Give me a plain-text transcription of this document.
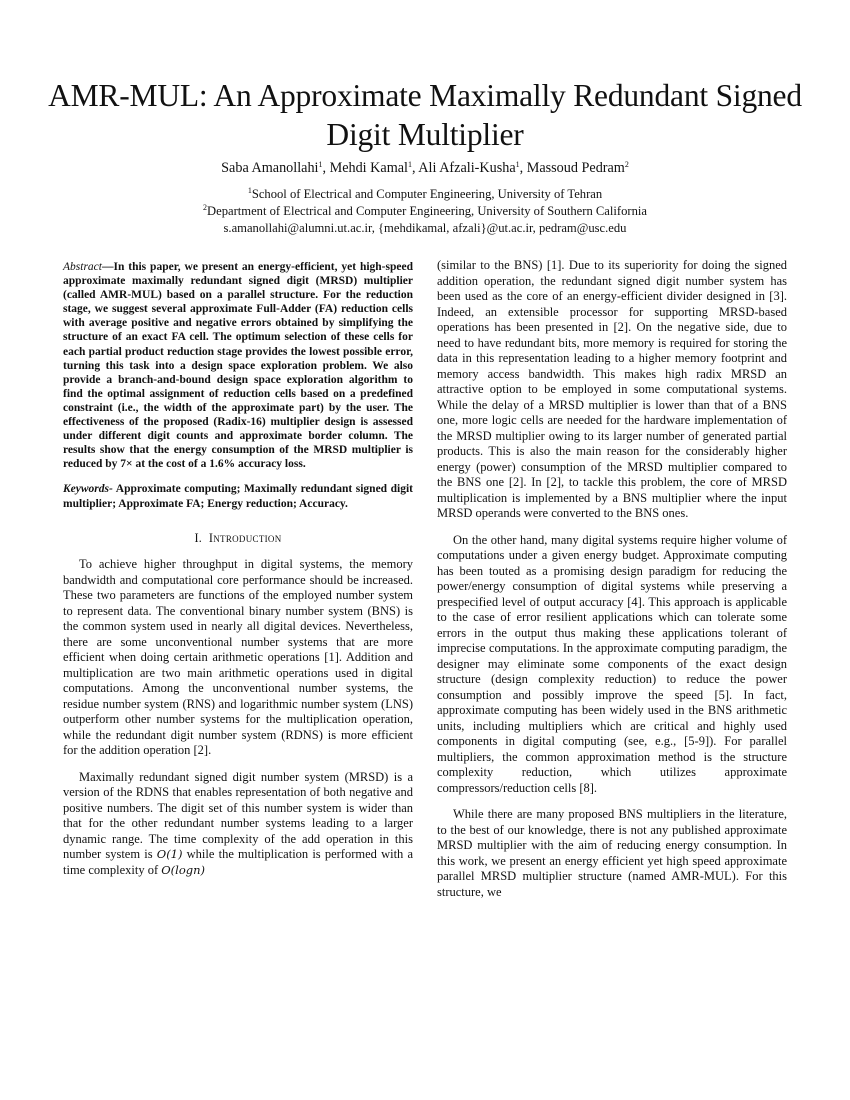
AMR-MUL: An Approximate Maximally Redundant Signed Digit Multiplier
Saba Amanollahi$^1$, Mehdi Kamal$^1$, Ali Afzali-Kusha$^1$, Massoud Pedram$^2$
$^1$School of Electrical and Computer Engineering, University of Tehran
$^2$Department of Electrical and Computer Engineering, University of Southern California
s.amanollahi@alumni.ut.ac.ir, {mehdikamal, afzali}@ut.ac.ir, pedram@usc.edu

Abstract—In this paper, we present an energy-efficient, yet high-speed approximate maximally redundant signed digit (MRSD) multiplier (called AMR-MUL) based on a parallel structure. For the reduction stage, we suggest several approximate Full-Adder (FA) reduction cells with average positive and negative errors obtained by simplifying the structure of an exact FA cell. The optimum selection of these cells for each partial product reduction stage provides the lowest possible error, turning this task into a design space exploration problem. We also provide a branch-and-bound design space exploration algorithm to find the optimal assignment of reduction cells based on a predefined constraint (i.e., the width of the approximate part) by the user. The effectiveness of the proposed (Radix-16) multiplier design is assessed under different digit counts and approximate border column. The results show that the energy consumption of the MRSD multiplier is reduced by 7× at the cost of a 1.6% accuracy loss.

Keywords- Approximate computing; Maximally redundant signed digit multiplier; Approximate FA; Energy reduction; Accuracy.

I. Introduction

To achieve higher throughput in digital systems, the memory bandwidth and computational core performance should be increased. These two parameters are functions of the employed number system to represent data. The conventional binary number system (BNS) is the common system used in nearly all digital devices. Nevertheless, there are some unconventional number systems that are more efficient when doing certain arithmetic operations [1]. Addition and multiplication are two main arithmetic operations used in digital computations. Among the unconventional number systems, the residue number system (RNS) and logarithmic number system (LNS) outperform other number systems for the multiplication operation, while the redundant digit number system (RDNS) is more efficient for the addition operation [2].

Maximally redundant signed digit number system (MRSD) is a version of the RDNS that enables representation of both negative and positive numbers. The digit set of this number system is wider than that for the other redundant number systems leading to a larger dynamic range. The time complexity of the add operation in this number system is O(1) while the multiplication is performed with a time complexity of O(logn)

(similar to the BNS) [1]. Due to its superiority for doing the signed addition operation, the redundant signed digit number system has been used as the core of an energy-efficient divider designed in [3]. Indeed, an extensible processor for supporting MRSD-based operations has been presented in [2]. On the negative side, due to need to have redundant bits, more memory is required for storing the data in this representation leading to a higher memory footprint and memory access bandwidth. This makes high radix MRSD an attractive option to be employed in some computational systems. While the delay of a MRSD multiplier is lower than that of a BNS one, more logic cells are needed for the hardware implementation of the MRSD multiplier owing to its larger number of generated partial products. This is also the main reason for the considerably higher energy (power) consumption of the MRSD multiplier compared to the BNS one [2]. In [2], to tackle this problem, the core of MRSD multiplication is implemented by a BNS multiplier where the input MRSD operands were converted to the BNS ones.

On the other hand, many digital systems require higher volume of computations under a given energy budget. Approximate computing has been touted as a promising design paradigm for reducing the power/energy consumption of digital systems while preserving a prespecified level of output accuracy [4]. This approach is applicable to the case of error resilient applications which can tolerate some errors in the output thus making these applications tolerant of imprecise computations. In the approximate computing paradigm, the designer may eliminate some components of the exact design structure (design complexity reduction) to reduce the power consumption and possibly improve the speed [5]. In fact, approximate computing has been widely used in the BNS arithmetic units, including multipliers which are critical and highly used components in digital computing (see, e.g., [5-9]). For parallel multipliers, the common approximation method is the structure complexity reduction, which utilizes approximate compressors/reduction cells [8].

While there are many proposed BNS multipliers in the literature, to the best of our knowledge, there is not any published approximate MRSD multiplier with the aim of reducing energy consumption. In this work, we present an energy efficient yet high speed approximate parallel MRSD multiplier structure (named AMR-MUL). For this structure, we
